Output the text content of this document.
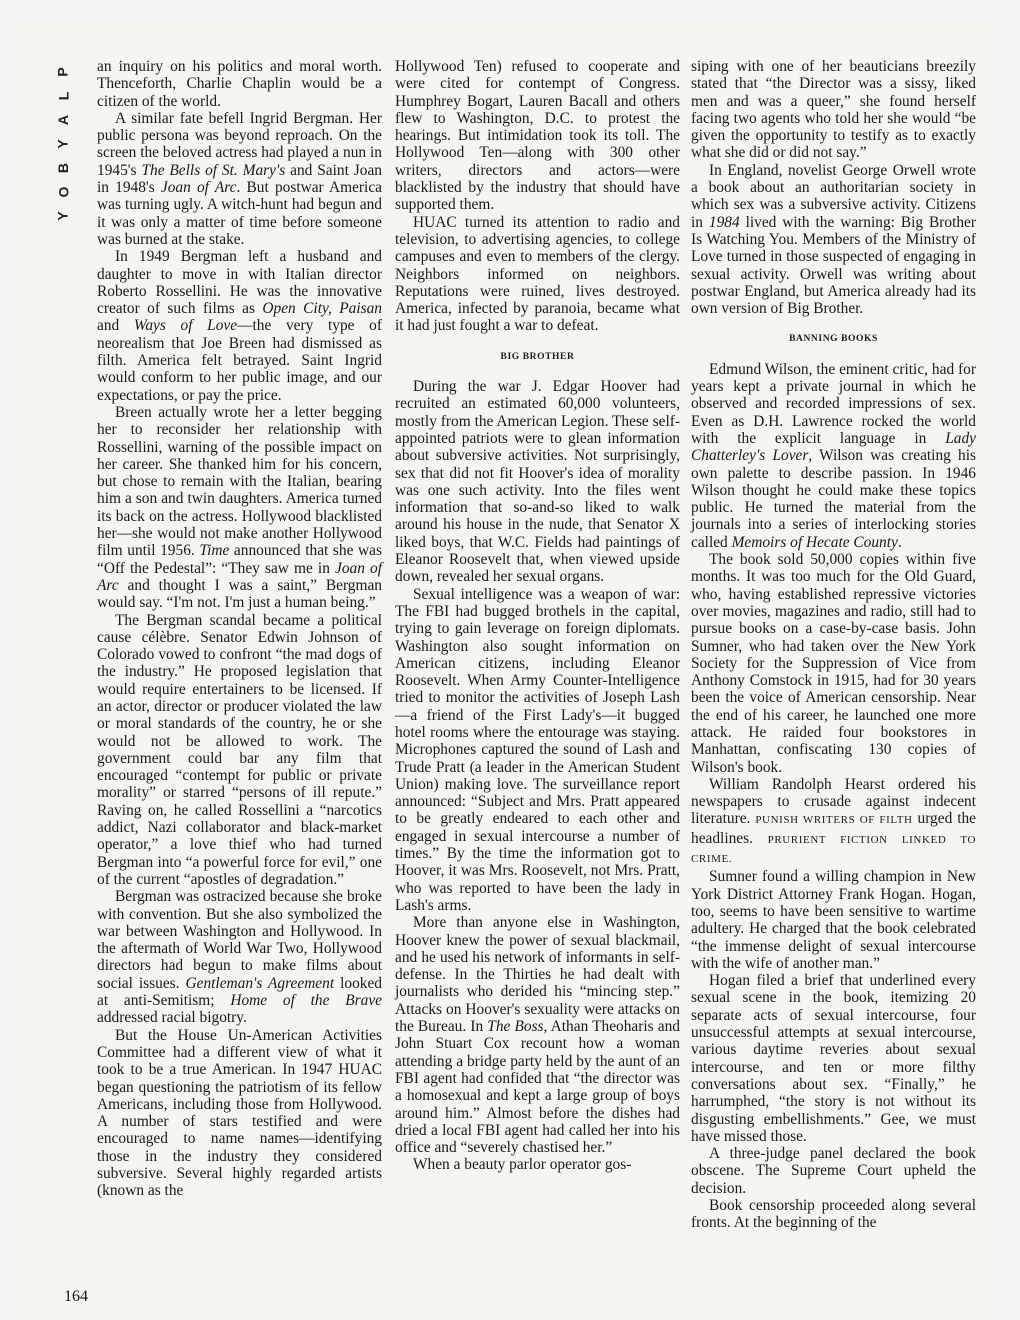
P
L
A
Y
B
O
Y

an inquiry on his politics and moral worth. Thenceforth, Charlie Chaplin would be a citizen of the world.

A similar fate befell Ingrid Bergman. Her public persona was beyond reproach. On the screen the beloved actress had played a nun in 1945's The Bells of St. Mary's and Saint Joan in 1948's Joan of Arc. But postwar America was turning ugly. A witch-hunt had begun and it was only a matter of time before someone was burned at the stake.

In 1949 Bergman left a husband and daughter to move in with Italian director Roberto Rossellini. He was the innovative creator of such films as Open City, Paisan and Ways of Love—the very type of neorealism that Joe Breen had dismissed as filth. America felt betrayed. Saint Ingrid would conform to her public image, and our expectations, or pay the price.

Breen actually wrote her a letter begging her to reconsider her relationship with Rossellini, warning of the possible impact on her career. She thanked him for his concern, but chose to remain with the Italian, bearing him a son and twin daughters. America turned its back on the actress. Hollywood blacklisted her—she would not make another Hollywood film until 1956. Time announced that she was “Off the Pedestal”: “They saw me in Joan of Arc and thought I was a saint,” Bergman would say. “I'm not. I'm just a human being.”

The Bergman scandal became a political cause célèbre. Senator Edwin Johnson of Colorado vowed to confront “the mad dogs of the industry.” He proposed legislation that would require entertainers to be licensed. If an actor, director or producer violated the law or moral standards of the country, he or she would not be allowed to work. The government could bar any film that encouraged “contempt for public or private morality” or starred “persons of ill repute.” Raving on, he called Rossellini a “narcotics addict, Nazi collaborator and black-market operator,” a love thief who had turned Bergman into “a powerful force for evil,” one of the current “apostles of degradation.”

Bergman was ostracized because she broke with convention. But she also symbolized the war between Washington and Hollywood. In the aftermath of World War Two, Hollywood directors had begun to make films about social issues. Gentleman's Agreement looked at anti-Semitism; Home of the Brave addressed racial bigotry.

But the House Un-American Activities Committee had a different view of what it took to be a true American. In 1947 HUAC began questioning the patriotism of its fellow Americans, including those from Hollywood. A number of stars testified and were encouraged to name names—identifying those in the industry they considered subversive. Several highly regarded artists (known as the

Hollywood Ten) refused to cooperate and were cited for contempt of Congress. Humphrey Bogart, Lauren Bacall and others flew to Washington, D.C. to protest the hearings. But intimidation took its toll. The Hollywood Ten—along with 300 other writers, directors and actors—were blacklisted by the industry that should have supported them.

HUAC turned its attention to radio and television, to advertising agencies, to college campuses and even to members of the clergy. Neighbors informed on neighbors. Reputations were ruined, lives destroyed. America, infected by paranoia, became what it had just fought a war to defeat.

BIG BROTHER

During the war J. Edgar Hoover had recruited an estimated 60,000 volunteers, mostly from the American Legion. These self-appointed patriots were to glean information about subversive activities. Not surprisingly, sex that did not fit Hoover's idea of morality was one such activity. Into the files went information that so-and-so liked to walk around his house in the nude, that Senator X liked boys, that W.C. Fields had paintings of Eleanor Roosevelt that, when viewed upside down, revealed her sexual organs.

Sexual intelligence was a weapon of war: The FBI had bugged brothels in the capital, trying to gain leverage on foreign diplomats. Washington also sought information on American citizens, including Eleanor Roosevelt. When Army Counter-Intelligence tried to monitor the activities of Joseph Lash—a friend of the First Lady's—it bugged hotel rooms where the entourage was staying. Microphones captured the sound of Lash and Trude Pratt (a leader in the American Student Union) making love. The surveillance report announced: “Subject and Mrs. Pratt appeared to be greatly endeared to each other and engaged in sexual intercourse a number of times.” By the time the information got to Hoover, it was Mrs. Roosevelt, not Mrs. Pratt, who was reported to have been the lady in Lash's arms.

More than anyone else in Washington, Hoover knew the power of sexual blackmail, and he used his network of informants in self-defense. In the Thirties he had dealt with journalists who derided his “mincing step.” Attacks on Hoover's sexuality were attacks on the Bureau. In The Boss, Athan Theoharis and John Stuart Cox recount how a woman attending a bridge party held by the aunt of an FBI agent had confided that “the director was a homosexual and kept a large group of boys around him.” Almost before the dishes had dried a local FBI agent had called her into his office and “severely chastised her.”

When a beauty parlor operator gos-

siping with one of her beauticians breezily stated that “the Director was a sissy, liked men and was a queer,” she found herself facing two agents who told her she would “be given the opportunity to testify as to exactly what she did or did not say.”

In England, novelist George Orwell wrote a book about an authoritarian society in which sex was a subversive activity. Citizens in 1984 lived with the warning: Big Brother Is Watching You. Members of the Ministry of Love turned in those suspected of engaging in sexual activity. Orwell was writing about postwar England, but America already had its own version of Big Brother.

BANNING BOOKS

Edmund Wilson, the eminent critic, had for years kept a private journal in which he observed and recorded impressions of sex. Even as D.H. Lawrence rocked the world with the explicit language in Lady Chatterley's Lover, Wilson was creating his own palette to describe passion. In 1946 Wilson thought he could make these topics public. He turned the material from the journals into a series of interlocking stories called Memoirs of Hecate County.

The book sold 50,000 copies within five months. It was too much for the Old Guard, who, having established repressive victories over movies, magazines and radio, still had to pursue books on a case-by-case basis. John Sumner, who had taken over the New York Society for the Suppression of Vice from Anthony Comstock in 1915, had for 30 years been the voice of American censorship. Near the end of his career, he launched one more attack. He raided four bookstores in Manhattan, confiscating 130 copies of Wilson's book.

William Randolph Hearst ordered his newspapers to crusade against indecent literature. PUNISH WRITERS OF FILTH urged the headlines. PRURIENT FICTION LINKED TO CRIME.

Sumner found a willing champion in New York District Attorney Frank Hogan. Hogan, too, seems to have been sensitive to wartime adultery. He charged that the book celebrated “the immense delight of sexual intercourse with the wife of another man.”

Hogan filed a brief that underlined every sexual scene in the book, itemizing 20 separate acts of sexual intercourse, four unsuccessful attempts at sexual intercourse, various daytime reveries about sexual intercourse, and ten or more filthy conversations about sex. “Finally,” he harrumphed, “the story is not without its disgusting embellishments.” Gee, we must have missed those.

A three-judge panel declared the book obscene. The Supreme Court upheld the decision.

Book censorship proceeded along several fronts. At the beginning of the

164
